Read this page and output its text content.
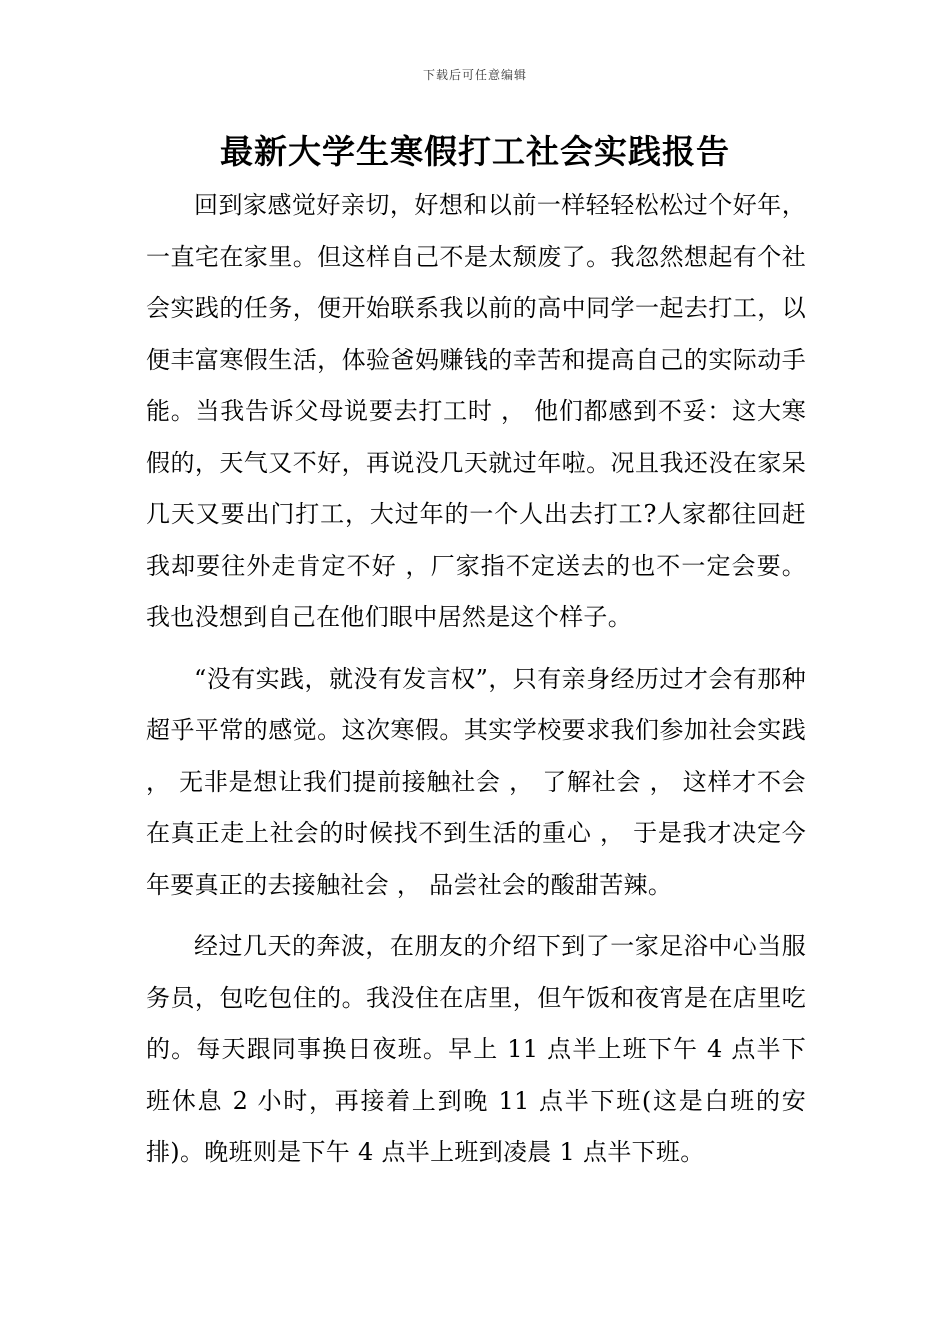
下载后可任意编辑
最新大学生寒假打工社会实践报告

回到家感觉好亲切，好想和以前一样轻轻松松过个好年，一直宅在家里。但这样自己不是太颓废了。我忽然想起有个社会实践的任务，便开始联系我以前的高中同学一起去打工，以便丰富寒假生活，体验爸妈赚钱的幸苦和提高自己的实际动手能。当我告诉父母说要去打工时 ， 他们都感到不妥：这大寒假的，天气又不好，再说没几天就过年啦。况且我还没在家呆几天又要出门打工，大过年的一个人出去打工?人家都往回赶我却要往外走肯定不好 ，厂家指不定送去的也不一定会要。我也没想到自己在他们眼中居然是这个样子。

“没有实践，就没有发言权”，只有亲身经历过才会有那种超乎平常的感觉。这次寒假。其实学校要求我们参加社会实践 ， 无非是想让我们提前接触社会 ， 了解社会 ， 这样才不会在真正走上社会的时候找不到生活的重心 ， 于是我才决定今年要真正的去接触社会 ， 品尝社会的酸甜苦辣。

经过几天的奔波，在朋友的介绍下到了一家足浴中心当服务员，包吃包住的。我没住在店里，但午饭和夜宵是在店里吃的。每天跟同事换日夜班。早上 11 点半上班下午 4 点半下班休息 2 小时，再接着上到晚 11 点半下班(这是白班的安排)。晚班则是下午 4 点半上班到凌晨 1 点半下班。
